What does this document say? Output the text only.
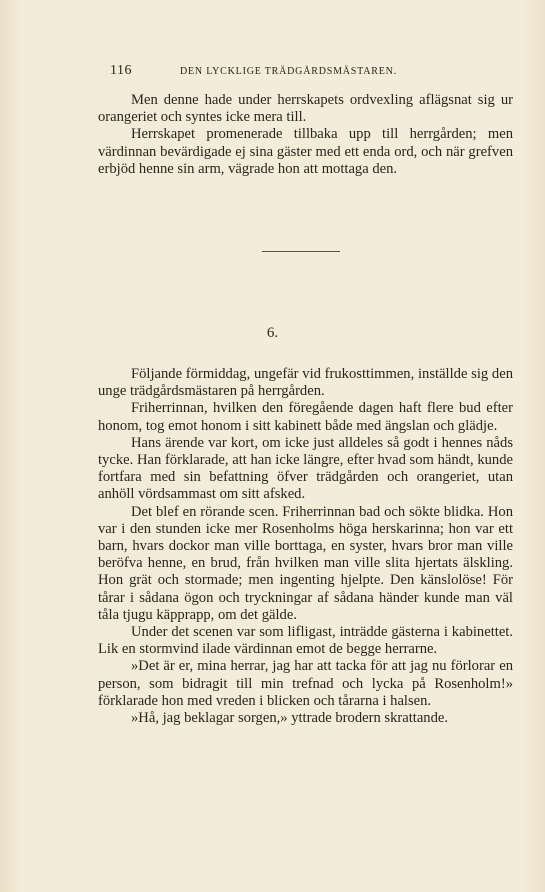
116	DEN LYCKLIGE TRÄDGÅRDSMÄSTAREN.

Men denne hade under herrskapets ordvexling aflägsnat sig ur orangeriet och syntes icke mera till.

Herrskapet promenerade tillbaka upp till herrgården; men värdinnan bevärdigade ej sina gäster med ett enda ord, och när grefven erbjöd henne sin arm, vägrade hon att mottaga den.

6.

Följande förmiddag, ungefär vid frukosttimmen, inställde sig den unge trädgårdsmästaren på herrgården.

Friherrinnan, hvilken den föregående dagen haft flere bud efter honom, tog emot honom i sitt kabinett både med ängslan och glädje.

Hans ärende var kort, om icke just alldeles så godt i hennes nåds tycke. Han förklarade, att han icke längre, efter hvad som händt, kunde fortfara med sin befattning öfver trädgården och orangeriet, utan anhöll vördsammast om sitt afsked.

Det blef en rörande scen. Friherrinnan bad och sökte blidka. Hon var i den stunden icke mer Rosenholms höga herskarinna; hon var ett barn, hvars dockor man ville borttaga, en syster, hvars bror man ville beröfva henne, en brud, från hvilken man ville slita hjertats älskling. Hon grät och stormade; men ingenting hjelpte. Den känslolöse! För tårar i sådana ögon och tryckningar af sådana händer kunde man väl tåla tjugu käpprapp, om det gälde.

Under det scenen var som lifligast, inträdde gästerna i kabinettet. Lik en stormvind ilade värdinnan emot de begge herrarne.

»Det är er, mina herrar, jag har att tacka för att jag nu förlorar en person, som bidragit till min trefnad och lycka på Rosenholm!» förklarade hon med vreden i blicken och tårarna i halsen.

»Hå, jag beklagar sorgen,» yttrade brodern skrattande.
